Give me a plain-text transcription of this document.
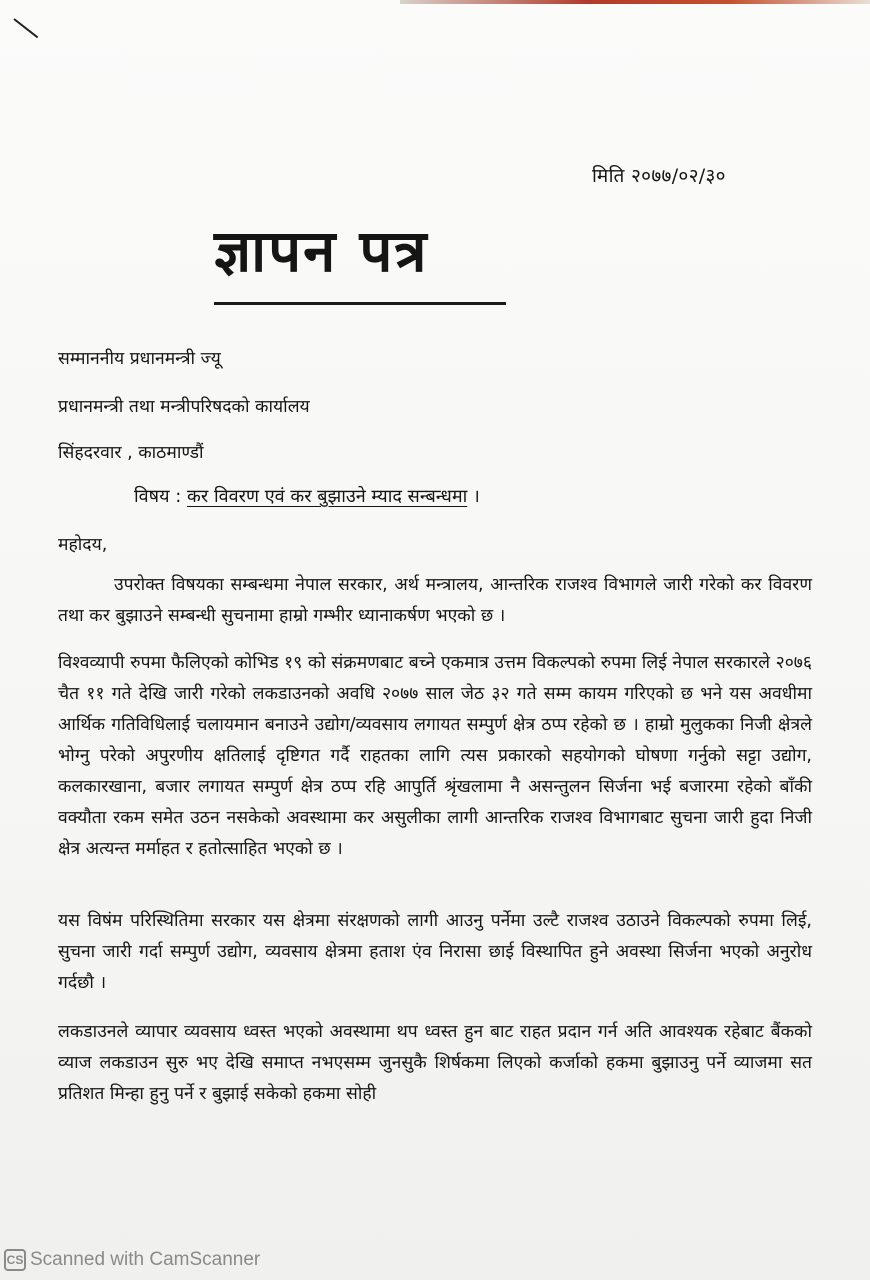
मिति २०७७/०२/३०
ज्ञापन पत्र
सम्माननीय प्रधानमन्त्री ज्यू
प्रधानमन्त्री तथा मन्त्रीपरिषदको कार्यालय
सिंहदरवार , काठमाण्डौं
विषय : कर विवरण एवं कर बुझाउने म्याद सन्बन्धमा ।
महोदय,
उपरोक्त विषयका सम्बन्धमा नेपाल सरकार, अर्थ मन्त्रालय, आन्तरिक राजश्व विभागले जारी गरेको कर विवरण तथा कर बुझाउने सम्बन्धी सुचनामा हाम्रो गम्भीर ध्यानाकर्षण भएको छ ।
विश्वव्यापी रुपमा फैलिएको कोभिड १९ को संक्रमणबाट बच्ने एकमात्र उत्तम विकल्पको रुपमा लिई नेपाल सरकारले २०७६ चैत ११ गते देखि जारी गरेको लकडाउनको अवधि २०७७ साल जेठ ३२ गते सम्म कायम गरिएको छ भने यस अवधीमा आर्थिक गतिविधिलाई चलायमान बनाउने उद्योग/व्यवसाय लगायत सम्पुर्ण क्षेत्र ठप्प रहेको छ । हाम्रो मुलुकका निजी क्षेत्रले भोग्नु परेको अपुरणीय क्षतिलाई दृष्टिगत गर्दै राहतका लागि त्यस प्रकारको सहयोगको घोषणा गर्नुको सट्टा उद्योग, कलकारखाना, बजार लगायत सम्पुर्ण क्षेत्र ठप्प रहि आपुर्ति श्रृंखलामा नै असन्तुलन सिर्जना भई बजारमा रहेको बाँकी वक्यौता रकम समेत उठन नसकेको अवस्थामा कर असुलीका लागी आन्तरिक राजश्व विभागबाट सुचना जारी हुदा निजी क्षेत्र अत्यन्त मर्माहत र हतोत्साहित भएको छ ।
यस विषंम परिस्थितिमा सरकार यस क्षेत्रमा संरक्षणको लागी आउनु पर्नेमा उल्टै राजश्व उठाउने विकल्पको रुपमा लिई, सुचना जारी गर्दा सम्पुर्ण उद्योग, व्यवसाय क्षेत्रमा हताश एंव निरासा छाई विस्थापित हुने अवस्था सिर्जना भएको अनुरोध गर्दछौ ।
लकडाउनले व्यापार व्यवसाय ध्वस्त भएको अवस्थामा थप ध्वस्त हुन बाट राहत प्रदान गर्न अति आवश्यक रहेबाट बैंकको व्याज लकडाउन सुरु भए देखि समाप्त नभएसम्म जुनसुकै शिर्षकमा लिएको कर्जाको हकमा बुझाउनु पर्ने व्याजमा सत प्रतिशत मिन्हा हुनु पर्ने र बुझाई सकेको हकमा सोही
CS Scanned with CamScanner
